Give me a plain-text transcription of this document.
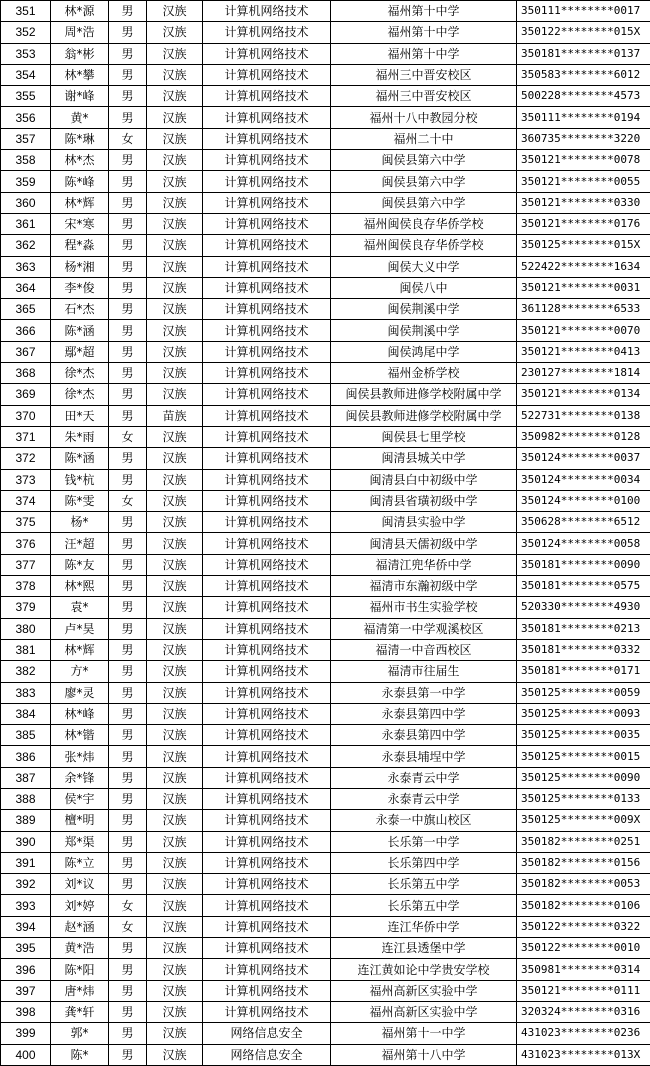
351	林*源	男	汉族	计算机网络技术	福州第十中学	350111********0017
352	周*浩	男	汉族	计算机网络技术	福州第十中学	350122********015X
353	翁*彬	男	汉族	计算机网络技术	福州第十中学	350181********0137
354	林*攀	男	汉族	计算机网络技术	福州三中晋安校区	350583********6012
355	谢*峰	男	汉族	计算机网络技术	福州三中晋安校区	500228********4573
356	黄*	男	汉族	计算机网络技术	福州十八中教园分校	350111********0194
357	陈*琳	女	汉族	计算机网络技术	福州二十中	360735********3220
358	林*杰	男	汉族	计算机网络技术	闽侯县第六中学	350121********0078
359	陈*峰	男	汉族	计算机网络技术	闽侯县第六中学	350121********0055
360	林*辉	男	汉族	计算机网络技术	闽侯县第六中学	350121********0330
361	宋*寒	男	汉族	计算机网络技术	福州闽侯良存华侨学校	350121********0176
362	程*淼	男	汉族	计算机网络技术	福州闽侯良存华侨学校	350125********015X
363	杨*湘	男	汉族	计算机网络技术	闽侯大义中学	522422********1634
364	李*俊	男	汉族	计算机网络技术	闽侯八中	350121********0031
365	石*杰	男	汉族	计算机网络技术	闽侯荆溪中学	361128********6533
366	陈*涵	男	汉族	计算机网络技术	闽侯荆溪中学	350121********0070
367	鄢*超	男	汉族	计算机网络技术	闽侯鸿尾中学	350121********0413
368	徐*杰	男	汉族	计算机网络技术	福州金桥学校	230127********1814
369	徐*杰	男	汉族	计算机网络技术	闽侯县教师进修学校附属中学	350121********0134
370	田*天	男	苗族	计算机网络技术	闽侯县教师进修学校附属中学	522731********0138
371	朱*雨	女	汉族	计算机网络技术	闽侯县七里学校	350982********0128
372	陈*涵	男	汉族	计算机网络技术	闽清县城关中学	350124********0037
373	钱*杭	男	汉族	计算机网络技术	闽清县白中初级中学	350124********0034
374	陈*雯	女	汉族	计算机网络技术	闽清县省璜初级中学	350124********0100
375	杨*	男	汉族	计算机网络技术	闽清县实验中学	350628********6512
376	汪*超	男	汉族	计算机网络技术	闽清县天儒初级中学	350124********0058
377	陈*友	男	汉族	计算机网络技术	福清江兜华侨中学	350181********0090
378	林*熙	男	汉族	计算机网络技术	福清市东瀚初级中学	350181********0575
379	袁*	男	汉族	计算机网络技术	福州市书生实验学校	520330********4930
380	卢*昊	男	汉族	计算机网络技术	福清第一中学观溪校区	350181********0213
381	林*辉	男	汉族	计算机网络技术	福清一中音西校区	350181********0332
382	方*	男	汉族	计算机网络技术	福清市往届生	350181********0171
383	廖*灵	男	汉族	计算机网络技术	永泰县第一中学	350125********0059
384	林*峰	男	汉族	计算机网络技术	永泰县第四中学	350125********0093
385	林*锴	男	汉族	计算机网络技术	永泰县第四中学	350125********0035
386	张*炜	男	汉族	计算机网络技术	永泰县埔埕中学	350125********0015
387	余*锋	男	汉族	计算机网络技术	永泰青云中学	350125********0090
388	侯*宇	男	汉族	计算机网络技术	永泰青云中学	350125********0133
389	檀*明	男	汉族	计算机网络技术	永泰一中旗山校区	350125********009X
390	郑*渠	男	汉族	计算机网络技术	长乐第一中学	350182********0251
391	陈*立	男	汉族	计算机网络技术	长乐第四中学	350182********0156
392	刘*议	男	汉族	计算机网络技术	长乐第五中学	350182********0053
393	刘*婷	女	汉族	计算机网络技术	长乐第五中学	350182********0106
394	赵*涵	女	汉族	计算机网络技术	连江华侨中学	350122********0322
395	黄*浩	男	汉族	计算机网络技术	连江县透堡中学	350122********0010
396	陈*阳	男	汉族	计算机网络技术	连江黄如论中学贵安学校	350981********0314
397	唐*炜	男	汉族	计算机网络技术	福州高新区实验中学	350121********0111
398	龚*轩	男	汉族	计算机网络技术	福州高新区实验中学	320324********0316
399	郭*	男	汉族	网络信息安全	福州第十一中学	431023********0236
400	陈*	男	汉族	网络信息安全	福州第十八中学	431023********013X
